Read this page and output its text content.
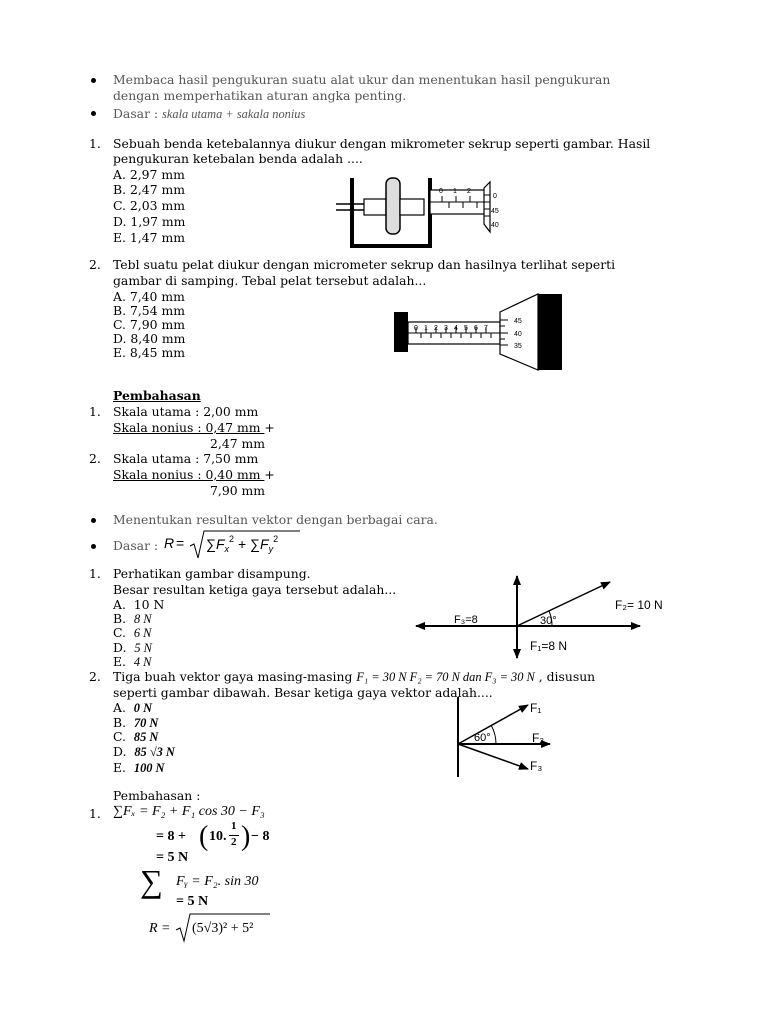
Membaca hasil pengukuran suatu alat ukur dan menentukan hasil pengukuran
dengan memperhatikan aturan angka penting.
Dasar : skala utama + sakala nonius
1. Sebuah benda ketebalannya diukur dengan mikrometer sekrup seperti gambar. Hasil
pengukuran ketebalan benda adalah ....
A. 2,97 mm
B. 2,47 mm
C. 2,03 mm
D. 1,97 mm
E. 1,47 mm
0 1 2
0
45
40
2. Tebl suatu pelat diukur dengan micrometer sekrup dan hasilnya terlihat seperti
gambar di samping. Tebal pelat tersebut adalah...
A. 7,40 mm
B. 7,54 mm
C. 7,90 mm
D. 8,40 mm
E. 8,45 mm
0 1 2 3 4 5 6 7
45
40
35
Pembahasan
1. Skala utama : 2,00 mm
Skala nonius : 0,47 mm +
2,47 mm
2. Skala utama : 7,50 mm
Skala nonius : 0,40 mm +
7,90 mm
Menentukan resultan vektor dengan berbagai cara.
Dasar : $R = \sum F_x^2 + \sum F_y^2$
1. Perhatikan gambar disampung.
Besar resultan ketiga gaya tersebut adalah...
A. 10 N
B. 8 N
C. 6 N
D. 5 N
E. 4 N
F₃=8
F₂= 10 N
F₁=8 N
30°
2. Tiga buah vektor gaya masing-masing F₁ = 30 N F₂ = 70 N dan F₃ = 30 N , disusun
seperti gambar dibawah. Besar ketiga gaya vektor adalah....
A. 0 N
B. 70 N
C. 85 N
D. 85 √3 N
E. 100 N
F₁
F₂
F₃
60°
Pembahasan :
1. ∑Fₓ = F₂ + F₁ cos 30 − F₃
= 8 + ( 10.
1
2 ) − 8
= 5 N
∑ Fᵧ = F₂. sin 30
= 5 N
R = (5√3)² + 5²
